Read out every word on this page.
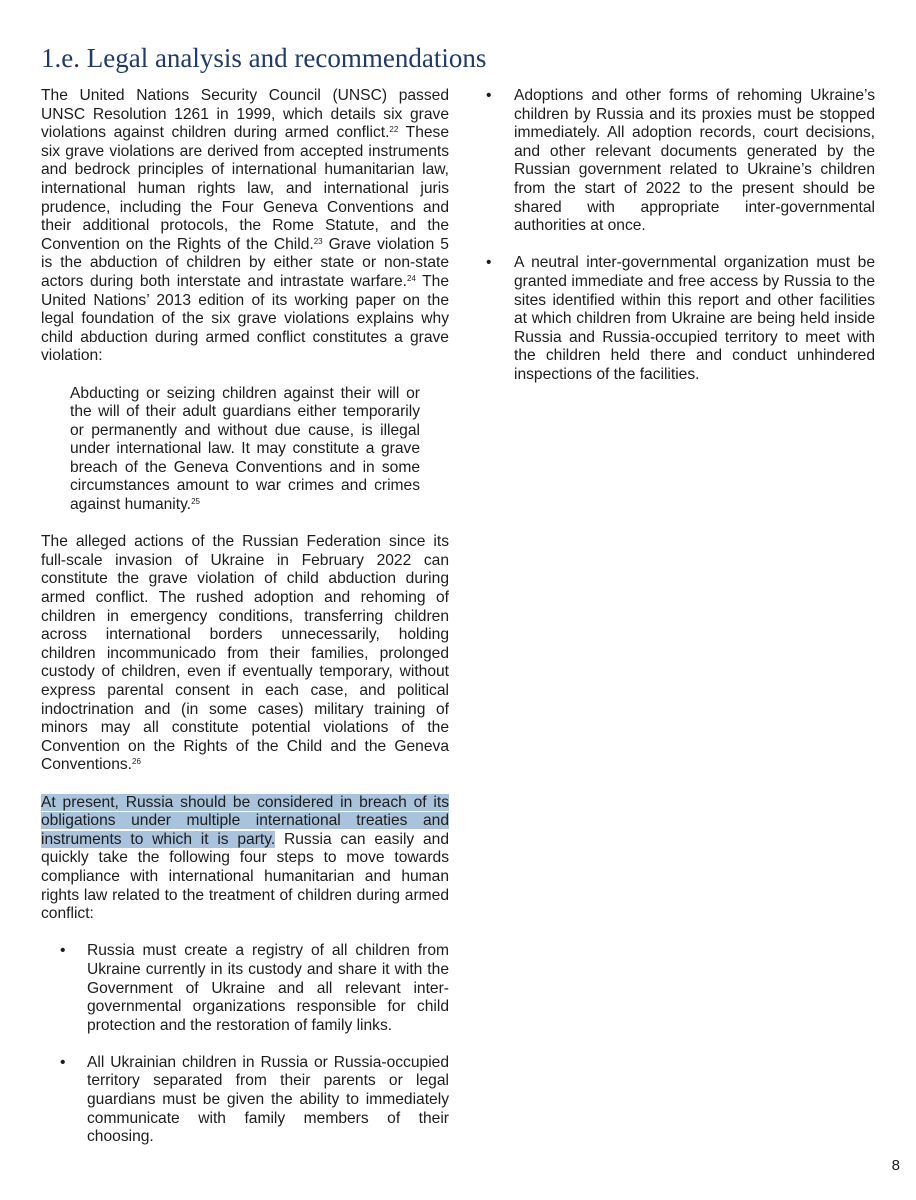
1.e. Legal analysis and recommendations

The United Nations Security Council (UNSC) passed UNSC Resolution 1261 in 1999, which details six grave violations against children during armed conflict.$^{22}$ These six grave violations are derived from accepted instruments and bedrock principles of international humanitarian law, international human rights law, and international juris prudence, including the Four Geneva Conventions and their additional protocols, the Rome Statute, and the Convention on the Rights of the Child.$^{23}$ Grave violation 5 is the abduction of children by either state or non-state actors during both interstate and intrastate warfare.$^{24}$ The United Nations’ 2013 edition of its working paper on the legal foundation of the six grave violations explains why child abduction during armed conflict constitutes a grave violation:

Abducting or seizing children against their will or the will of their adult guardians either temporarily or permanently and without due cause, is illegal under international law. It may constitute a grave breach of the Geneva Conventions and in some circumstances amount to war crimes and crimes against humanity.$^{25}$

The alleged actions of the Russian Federation since its full-scale invasion of Ukraine in February 2022 can constitute the grave violation of child abduction during armed conflict. The rushed adoption and rehoming of children in emergency conditions, transferring children across international borders unnecessarily, holding children incommunicado from their families, prolonged custody of children, even if eventually temporary, without express parental consent in each case, and political indoctrination and (in some cases) military training of minors may all constitute potential violations of the Convention on the Rights of the Child and the Geneva Conventions.$^{26}$

At present, Russia should be considered in breach of its obligations under multiple international treaties and instruments to which it is party. Russia can easily and quickly take the following four steps to move towards compliance with international humanitarian and human rights law related to the treatment of children during armed conflict:

• Russia must create a registry of all children from Ukraine currently in its custody and share it with the Government of Ukraine and all relevant inter-governmental organizations responsible for child protection and the restoration of family links.

• All Ukrainian children in Russia or Russia-occupied territory separated from their parents or legal guardians must be given the ability to immediately communicate with family members of their choosing.

• Adoptions and other forms of rehoming Ukraine’s children by Russia and its proxies must be stopped immediately. All adoption records, court decisions, and other relevant documents generated by the Russian government related to Ukraine’s children from the start of 2022 to the present should be shared with appropriate inter-governmental authorities at once.

• A neutral inter-governmental organization must be granted immediate and free access by Russia to the sites identified within this report and other facilities at which children from Ukraine are being held inside Russia and Russia-occupied territory to meet with the children held there and conduct unhindered inspections of the facilities.

8
